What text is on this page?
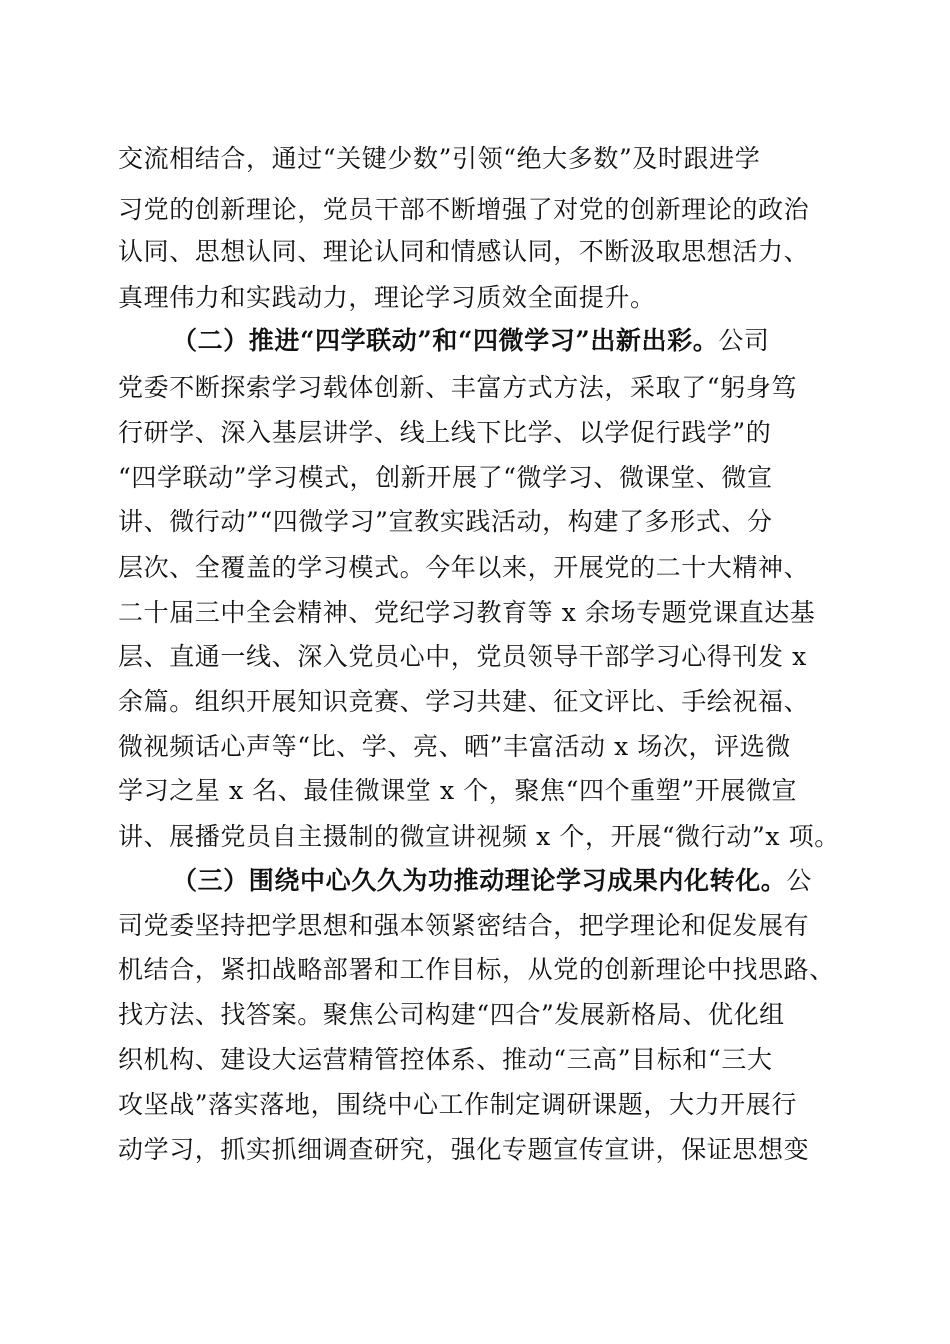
交流相结合，通过“关键少数”引领“绝大多数”及时跟进学
习党的创新理论，党员干部不断增强了对党的创新理论的政治
认同、思想认同、理论认同和情感认同，不断汲取思想活力、
真理伟力和实践动力，理论学习质效全面提升。
（二）推进“四学联动”和“四微学习”出新出彩。公司
党委不断探索学习载体创新、丰富方式方法，采取了“躬身笃
行研学、深入基层讲学、线上线下比学、以学促行践学”的
“四学联动”学习模式，创新开展了“微学习、微课堂、微宣
讲、微行动”“四微学习”宣教实践活动，构建了多形式、分
层次、全覆盖的学习模式。今年以来，开展党的二十大精神、
二十届三中全会精神、党纪学习教育等 x 余场专题党课直达基
层、直通一线、深入党员心中，党员领导干部学习心得刊发 x
余篇。组织开展知识竞赛、学习共建、征文评比、手绘祝福、
微视频话心声等“比、学、亮、晒”丰富活动 x 场次，评选微
学习之星 x 名、最佳微课堂 x 个，聚焦“四个重塑”开展微宣
讲、展播党员自主摄制的微宣讲视频 x 个，开展“微行动”x 项。
（三）围绕中心久久为功推动理论学习成果内化转化。公
司党委坚持把学思想和强本领紧密结合，把学理论和促发展有
机结合，紧扣战略部署和工作目标，从党的创新理论中找思路、
找方法、找答案。聚焦公司构建“四合”发展新格局、优化组
织机构、建设大运营精管控体系、推动“三高”目标和“三大
攻坚战”落实落地，围绕中心工作制定调研课题，大力开展行
动学习，抓实抓细调查研究，强化专题宣传宣讲，保证思想变
